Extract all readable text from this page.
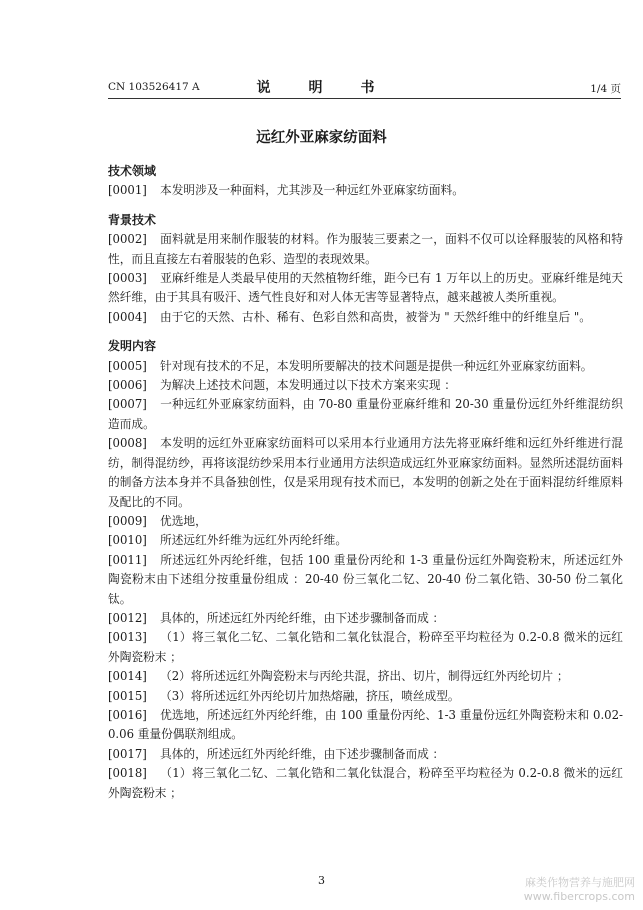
CN 103526417 A	说　明　书	1/4 页
远红外亚麻家纺面料
技术领域
[0001] 本发明涉及一种面料，尤其涉及一种远红外亚麻家纺面料。
背景技术
[0002] 面料就是用来制作服装的材料。作为服装三要素之一，面料不仅可以诠释服装的风格和特性，而且直接左右着服装的色彩、造型的表现效果。
[0003] 亚麻纤维是人类最早使用的天然植物纤维，距今已有 1 万年以上的历史。亚麻纤维是纯天然纤维，由于其具有吸汗、透气性良好和对人体无害等显著特点，越来越被人类所重视。
[0004] 由于它的天然、古朴、稀有、色彩自然和高贵，被誉为 " 天然纤维中的纤维皇后 "。
发明内容
[0005] 针对现有技术的不足，本发明所要解决的技术问题是提供一种远红外亚麻家纺面料。
[0006] 为解决上述技术问题，本发明通过以下技术方案来实现 ：
[0007] 一种远红外亚麻家纺面料，由 70-80 重量份亚麻纤维和 20-30 重量份远红外纤维混纺织造而成。
[0008] 本发明的远红外亚麻家纺面料可以采用本行业通用方法先将亚麻纤维和远红外纤维进行混纺，制得混纺纱，再将该混纺纱采用本行业通用方法织造成远红外亚麻家纺面料。显然所述混纺面料的制备方法本身并不具备独创性，仅是采用现有技术而已，本发明的创新之处在于面料混纺纤维原料及配比的不同。
[0009] 优选地，
[0010] 所述远红外纤维为远红外丙纶纤维。
[0011] 所述远红外丙纶纤维，包括 100 重量份丙纶和 1-3 重量份远红外陶瓷粉末，所述远红外陶瓷粉末由下述组分按重量份组成 ：20-40 份三氧化二钇、20-40 份二氧化锆、30-50 份二氧化钛。
[0012] 具体的，所述远红外丙纶纤维，由下述步骤制备而成 ：
[0013] （1）将三氧化二钇、二氧化锆和二氧化钛混合，粉碎至平均粒径为 0.2-0.8 微米的远红外陶瓷粉末 ；
[0014] （2）将所述远红外陶瓷粉末与丙纶共混，挤出、切片，制得远红外丙纶切片 ；
[0015] （3）将所述远红外丙纶切片加热熔融，挤压，喷丝成型。
[0016] 优选地，所述远红外丙纶纤维，由 100 重量份丙纶、1-3 重量份远红外陶瓷粉末和 0.02-0.06 重量份偶联剂组成。
[0017] 具体的，所述远红外丙纶纤维，由下述步骤制备而成 ：
[0018] （1）将三氧化二钇、二氧化锆和二氧化钛混合，粉碎至平均粒径为 0.2-0.8 微米的远红外陶瓷粉末 ；
3	麻类作物营养与施肥网
www.fibercrops.com
